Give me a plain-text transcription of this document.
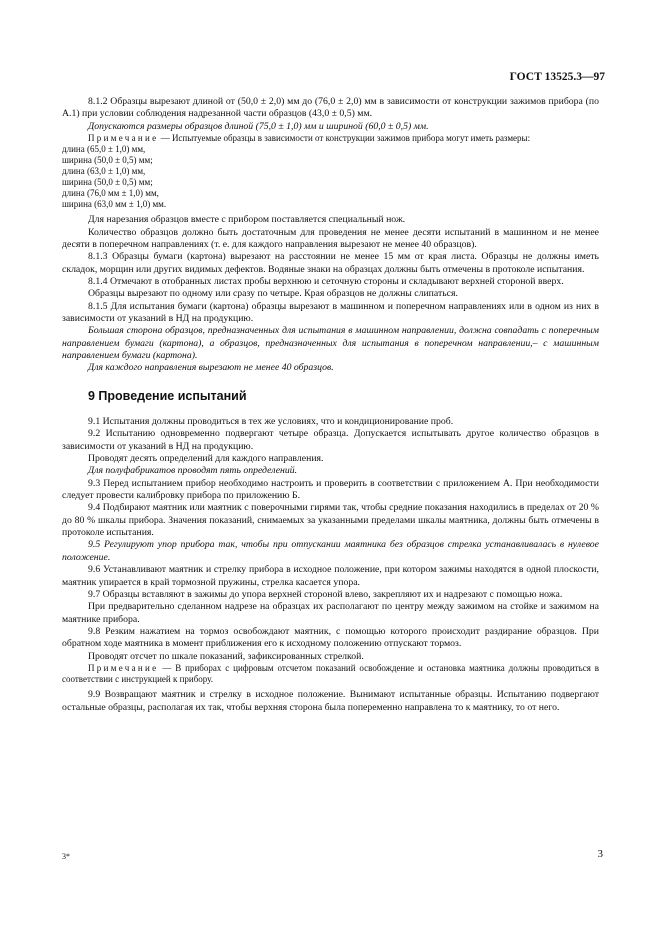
ГОСТ 13525.3—97

8.1.2 Образцы вырезают длиной от (50,0 ± 2,0) мм до (76,0 ± 2,0) мм в зависимости от конструкции зажимов прибора (по А.1) при условии соблюдения надрезанной части образцов (43,0 ± 0,5) мм.

Допускаются размеры образцов длиной (75,0 ± 1,0) мм и шириной (60,0 ± 0,5) мм.

Примечание — Испытуемые образцы в зависимости от конструкции зажимов прибора могут иметь размеры:

длина (65,0 ± 1,0) мм,
ширина (50,0 ± 0,5) мм;
длина (63,0 ± 1,0) мм,
ширина (50,0 ± 0,5) мм;
длина (76,0 мм ± 1,0) мм,
ширина (63,0 мм ± 1,0) мм.

Для нарезания образцов вместе с прибором поставляется специальный нож.

Количество образцов должно быть достаточным для проведения не менее десяти испытаний в машинном и не менее десяти в поперечном направлениях (т. е. для каждого направления вырезают не менее 40 образцов).

8.1.3 Образцы бумаги (картона) вырезают на расстоянии не менее 15 мм от края листа. Образцы не должны иметь складок, морщин или других видимых дефектов. Водяные знаки на образцах должны быть отмечены в протоколе испытания.

8.1.4 Отмечают в отобранных листах пробы верхнюю и сеточную стороны и складывают верхней стороной вверх.

Образцы вырезают по одному или сразу по четыре. Края образцов не должны слипаться.

8.1.5 Для испытания бумаги (картона) образцы вырезают в машинном и поперечном направлениях или в одном из них в зависимости от указаний в НД на продукцию.

Большая сторона образцов, предназначенных для испытания в машинном направлении, должна совпадать с поперечным направлением бумаги (картона), а образцов, предназначенных для испытания в поперечном направлении,– с машинным направлением бумаги (картона).

Для каждого направления вырезают не менее 40 образцов.

9 Проведение испытаний

9.1 Испытания должны проводиться в тех же условиях, что и кондиционирование проб.

9.2 Испытанию одновременно подвергают четыре образца. Допускается испытывать другое количество образцов в зависимости от указаний в НД на продукцию.

Проводят десять определений для каждого направления.

Для полуфабрикатов проводят пять определений.

9.3 Перед испытанием прибор необходимо настроить и проверить в соответствии с приложением А. При необходимости следует провести калибровку прибора по приложению Б.

9.4 Подбирают маятник или маятник с поверочными гирями так, чтобы средние показания находились в пределах от 20 % до 80 % шкалы прибора. Значения показаний, снимаемых за указанными пределами шкалы маятника, должны быть отмечены в протоколе испытания.

9.5 Регулируют упор прибора так, чтобы при отпускании маятника без образцов стрелка устанавливалась в нулевое положение.

9.6 Устанавливают маятник и стрелку прибора в исходное положение, при котором зажимы находятся в одной плоскости, маятник упирается в край тормозной пружины, стрелка касается упора.

9.7 Образцы вставляют в зажимы до упора верхней стороной влево, закрепляют их и надрезают с помощью ножа.

При предварительно сделанном надрезе на образцах их располагают по центру между зажимом на стойке и зажимом на маятнике прибора.

9.8 Резким нажатием на тормоз освобождают маятник, с помощью которого происходит раздирание образцов. При обратном ходе маятника в момент приближения его к исходному положению отпускают тормоз.

Проводят отсчет по шкале показаний, зафиксированных стрелкой.

Примечание — В приборах с цифровым отсчетом показаний освобождение и остановка маятника должны проводиться в соответствии с инструкцией к прибору.

9.9 Возвращают маятник и стрелку в исходное положение. Вынимают испытанные образцы. Испытанию подвергают остальные образцы, располагая их так, чтобы верхняя сторона была попеременно направлена то к маятнику, то от него.

3*	3
